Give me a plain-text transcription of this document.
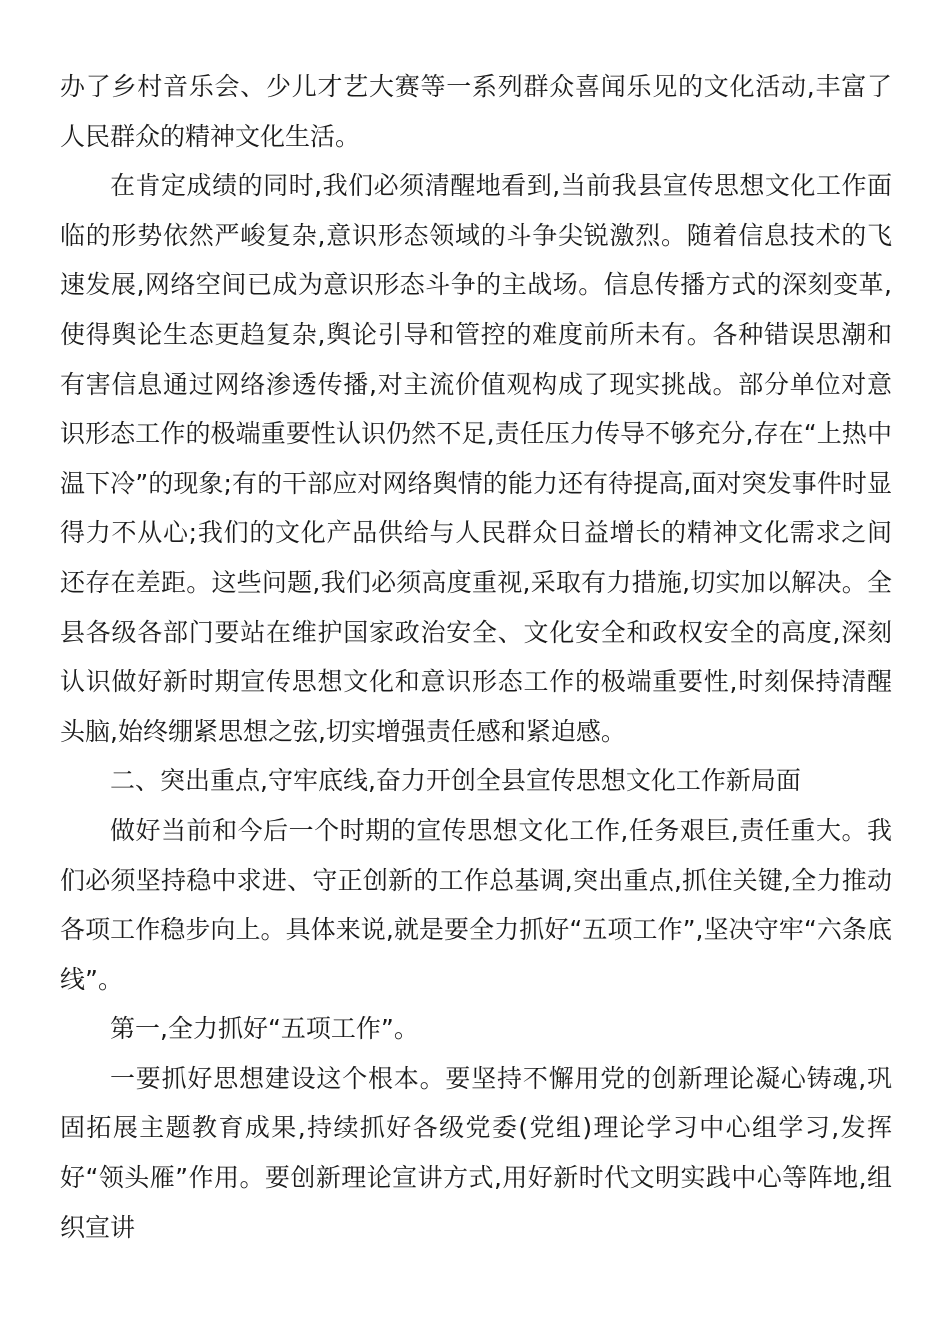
办了乡村音乐会、少儿才艺大赛等一系列群众喜闻乐见的文化活动,丰富了人民群众的精神文化生活。

在肯定成绩的同时,我们必须清醒地看到,当前我县宣传思想文化工作面临的形势依然严峻复杂,意识形态领域的斗争尖锐激烈。随着信息技术的飞速发展,网络空间已成为意识形态斗争的主战场。信息传播方式的深刻变革,使得舆论生态更趋复杂,舆论引导和管控的难度前所未有。各种错误思潮和有害信息通过网络渗透传播,对主流价值观构成了现实挑战。部分单位对意识形态工作的极端重要性认识仍然不足,责任压力传导不够充分,存在“上热中温下冷”的现象;有的干部应对网络舆情的能力还有待提高,面对突发事件时显得力不从心;我们的文化产品供给与人民群众日益增长的精神文化需求之间还存在差距。这些问题,我们必须高度重视,采取有力措施,切实加以解决。全县各级各部门要站在维护国家政治安全、文化安全和政权安全的高度,深刻认识做好新时期宣传思想文化和意识形态工作的极端重要性,时刻保持清醒头脑,始终绷紧思想之弦,切实增强责任感和紧迫感。

二、突出重点,守牢底线,奋力开创全县宣传思想文化工作新局面

做好当前和今后一个时期的宣传思想文化工作,任务艰巨,责任重大。我们必须坚持稳中求进、守正创新的工作总基调,突出重点,抓住关键,全力推动各项工作稳步向上。具体来说,就是要全力抓好“五项工作”,坚决守牢“六条底线”。

第一,全力抓好“五项工作”。

一要抓好思想建设这个根本。要坚持不懈用党的创新理论凝心铸魂,巩固拓展主题教育成果,持续抓好各级党委(党组)理论学习中心组学习,发挥好“领头雁”作用。要创新理论宣讲方式,用好新时代文明实践中心等阵地,组织宣讲
